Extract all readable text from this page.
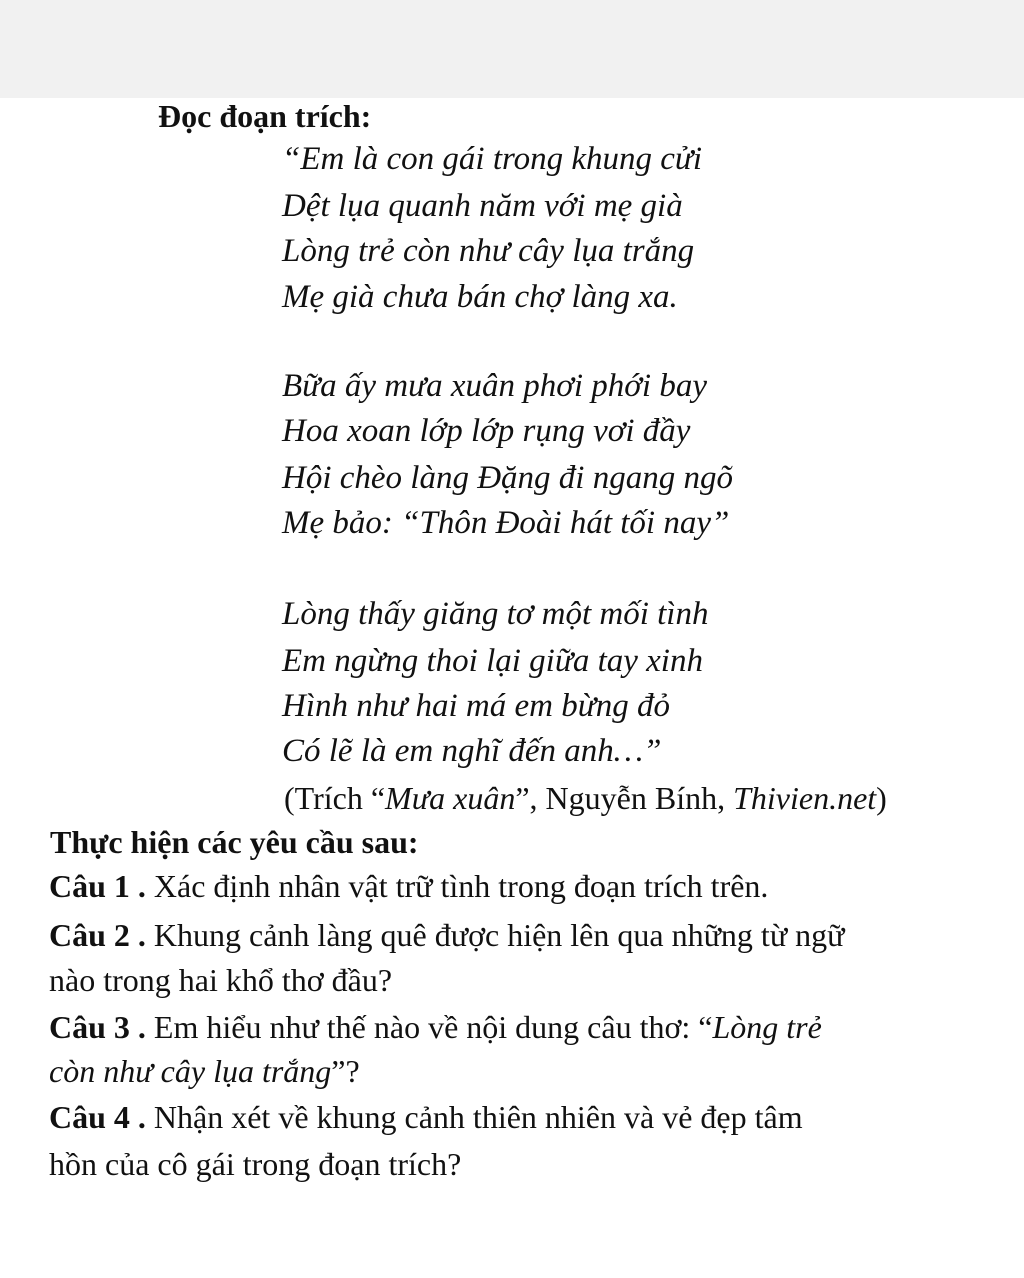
Đọc đoạn trích:
“Em là con gái trong khung cửi
Dệt lụa quanh năm với mẹ già
Lòng trẻ còn như cây lụa trắng
Mẹ già chưa bán chợ làng xa.
Bữa ấy mưa xuân phơi phới bay
Hoa xoan lớp lớp rụng vơi đầy
Hội chèo làng Đặng đi ngang ngõ
Mẹ bảo: “Thôn Đoài hát tối nay”
Lòng thấy giăng tơ một mối tình
Em ngừng thoi lại giữa tay xinh
Hình như hai má em bừng đỏ
Có lẽ là em nghĩ đến anh…”
(Trích “Mưa xuân”, Nguyễn Bính, Thivien.net)
Thực hiện các yêu cầu sau:
Câu 1 . Xác định nhân vật trữ tình trong đoạn trích trên.
Câu 2 . Khung cảnh làng quê được hiện lên qua những từ ngữ
nào trong hai khổ thơ đầu?
Câu 3 . Em hiểu như thế nào về nội dung câu thơ: “Lòng trẻ
còn như cây lụa trắng”?
Câu 4 . Nhận xét về khung cảnh thiên nhiên và vẻ đẹp tâm
hồn của cô gái trong đoạn trích?
